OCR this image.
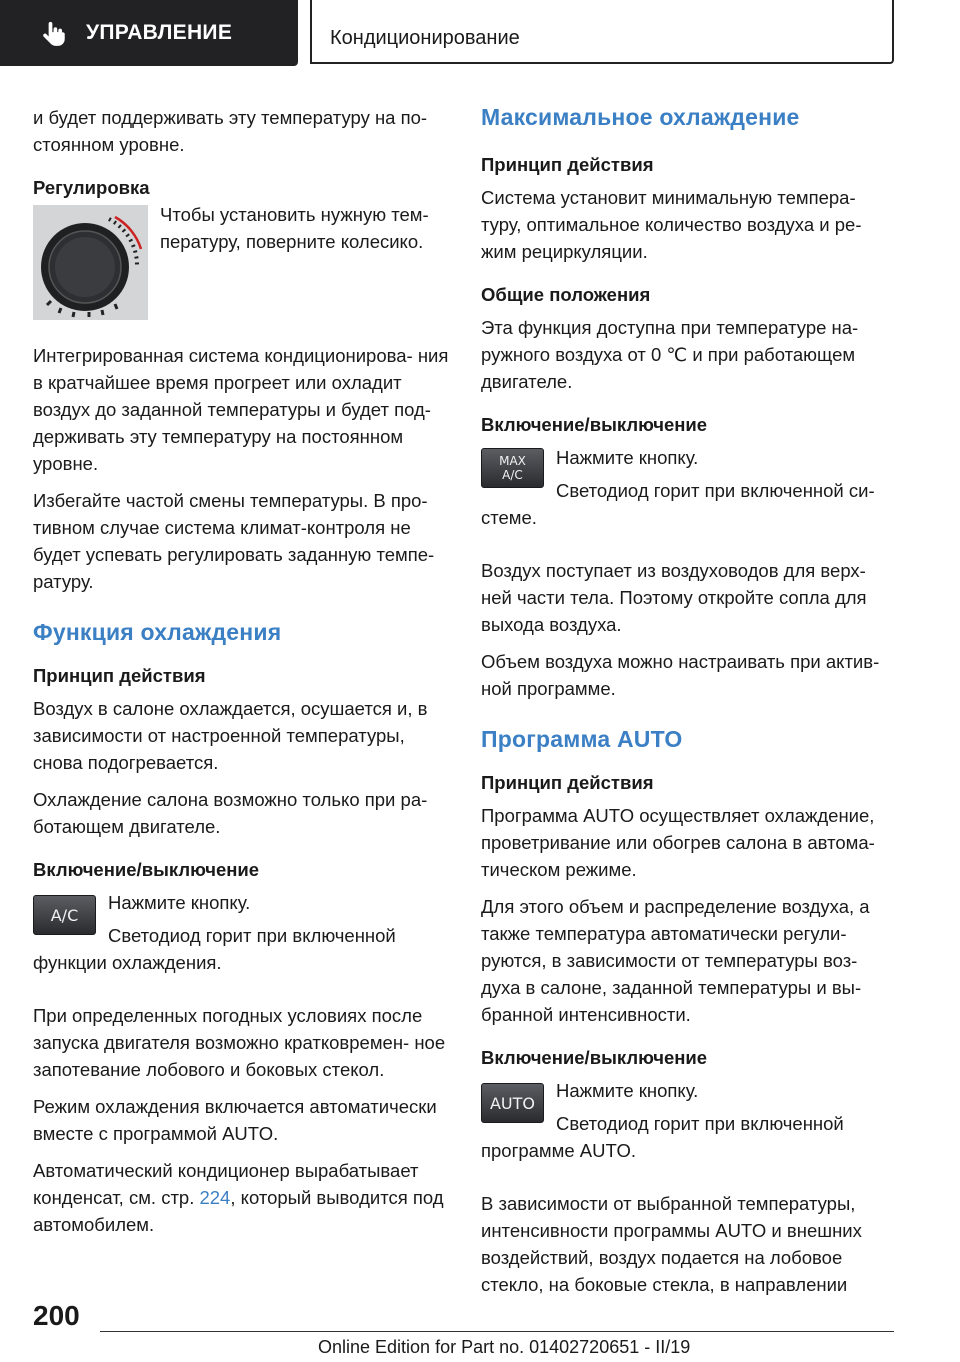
УПРАВЛЕНИЕ	Кондиционирование

и будет поддерживать эту температуру на по- стоянном уровне.

Регулировка

Чтобы установить нужную тем- пературу, поверните колесико.

Интегрированная система кондиционирова- ния в кратчайшее время прогреет или охладит воздух до заданной температуры и будет под- держивать эту температуру на постоянном уровне.

Избегайте частой смены температуры. В про- тивном случае система климат-контроля не будет успевать регулировать заданную темпе- ратуру.

Функция охлаждения
Принцип действия

Воздух в салоне охлаждается, осушается и, в зависимости от настроенной температуры, снова подогревается.

Охлаждение салона возможно только при ра- ботающем двигателе.

Включение/выключение
A/C

Нажмите кнопку.

Светодиод горит при включенной функции охлаждения.

При определенных погодных условиях после запуска двигателя возможно кратковремен- ное запотевание лобового и боковых стекол.

Режим охлаждения включается автоматически вместе с программой AUTO.

Автоматический кондиционер вырабатывает конденсат, см. стр. 224, который выводится под автомобилем.

Максимальное охлаждение
Принцип действия

Система установит минимальную темпера- туру, оптимальное количество воздуха и ре- жим рециркуляции.

Общие положения

Эта функция доступна при температуре на- ружного воздуха от 0 ℃ и при работающем двигателе.

Включение/выключение
MAX
A/C

Нажмите кнопку.

Светодиод горит при включенной си- стеме.

Воздух поступает из воздуховодов для верх- ней части тела. Поэтому откройте сопла для выхода воздуха.

Объем воздуха можно настраивать при актив- ной программе.

Программа AUTO
Принцип действия

Программа AUTO осуществляет охлаждение, проветривание или обогрев салона в автома- тическом режиме.

Для этого объем и распределение воздуха, а также температура автоматически регули- руются, в зависимости от температуры воз- духа в салоне, заданной температуры и вы- бранной интенсивности.

Включение/выключение
AUTO

Нажмите кнопку.

Светодиод горит при включенной программе AUTO.

В зависимости от выбранной температуры, интенсивности программы AUTO и внешних воздействий, воздух подается на лобовое стекло, на боковые стекла, в направлении

200
Online Edition for Part no. 01402720651 - II/19
